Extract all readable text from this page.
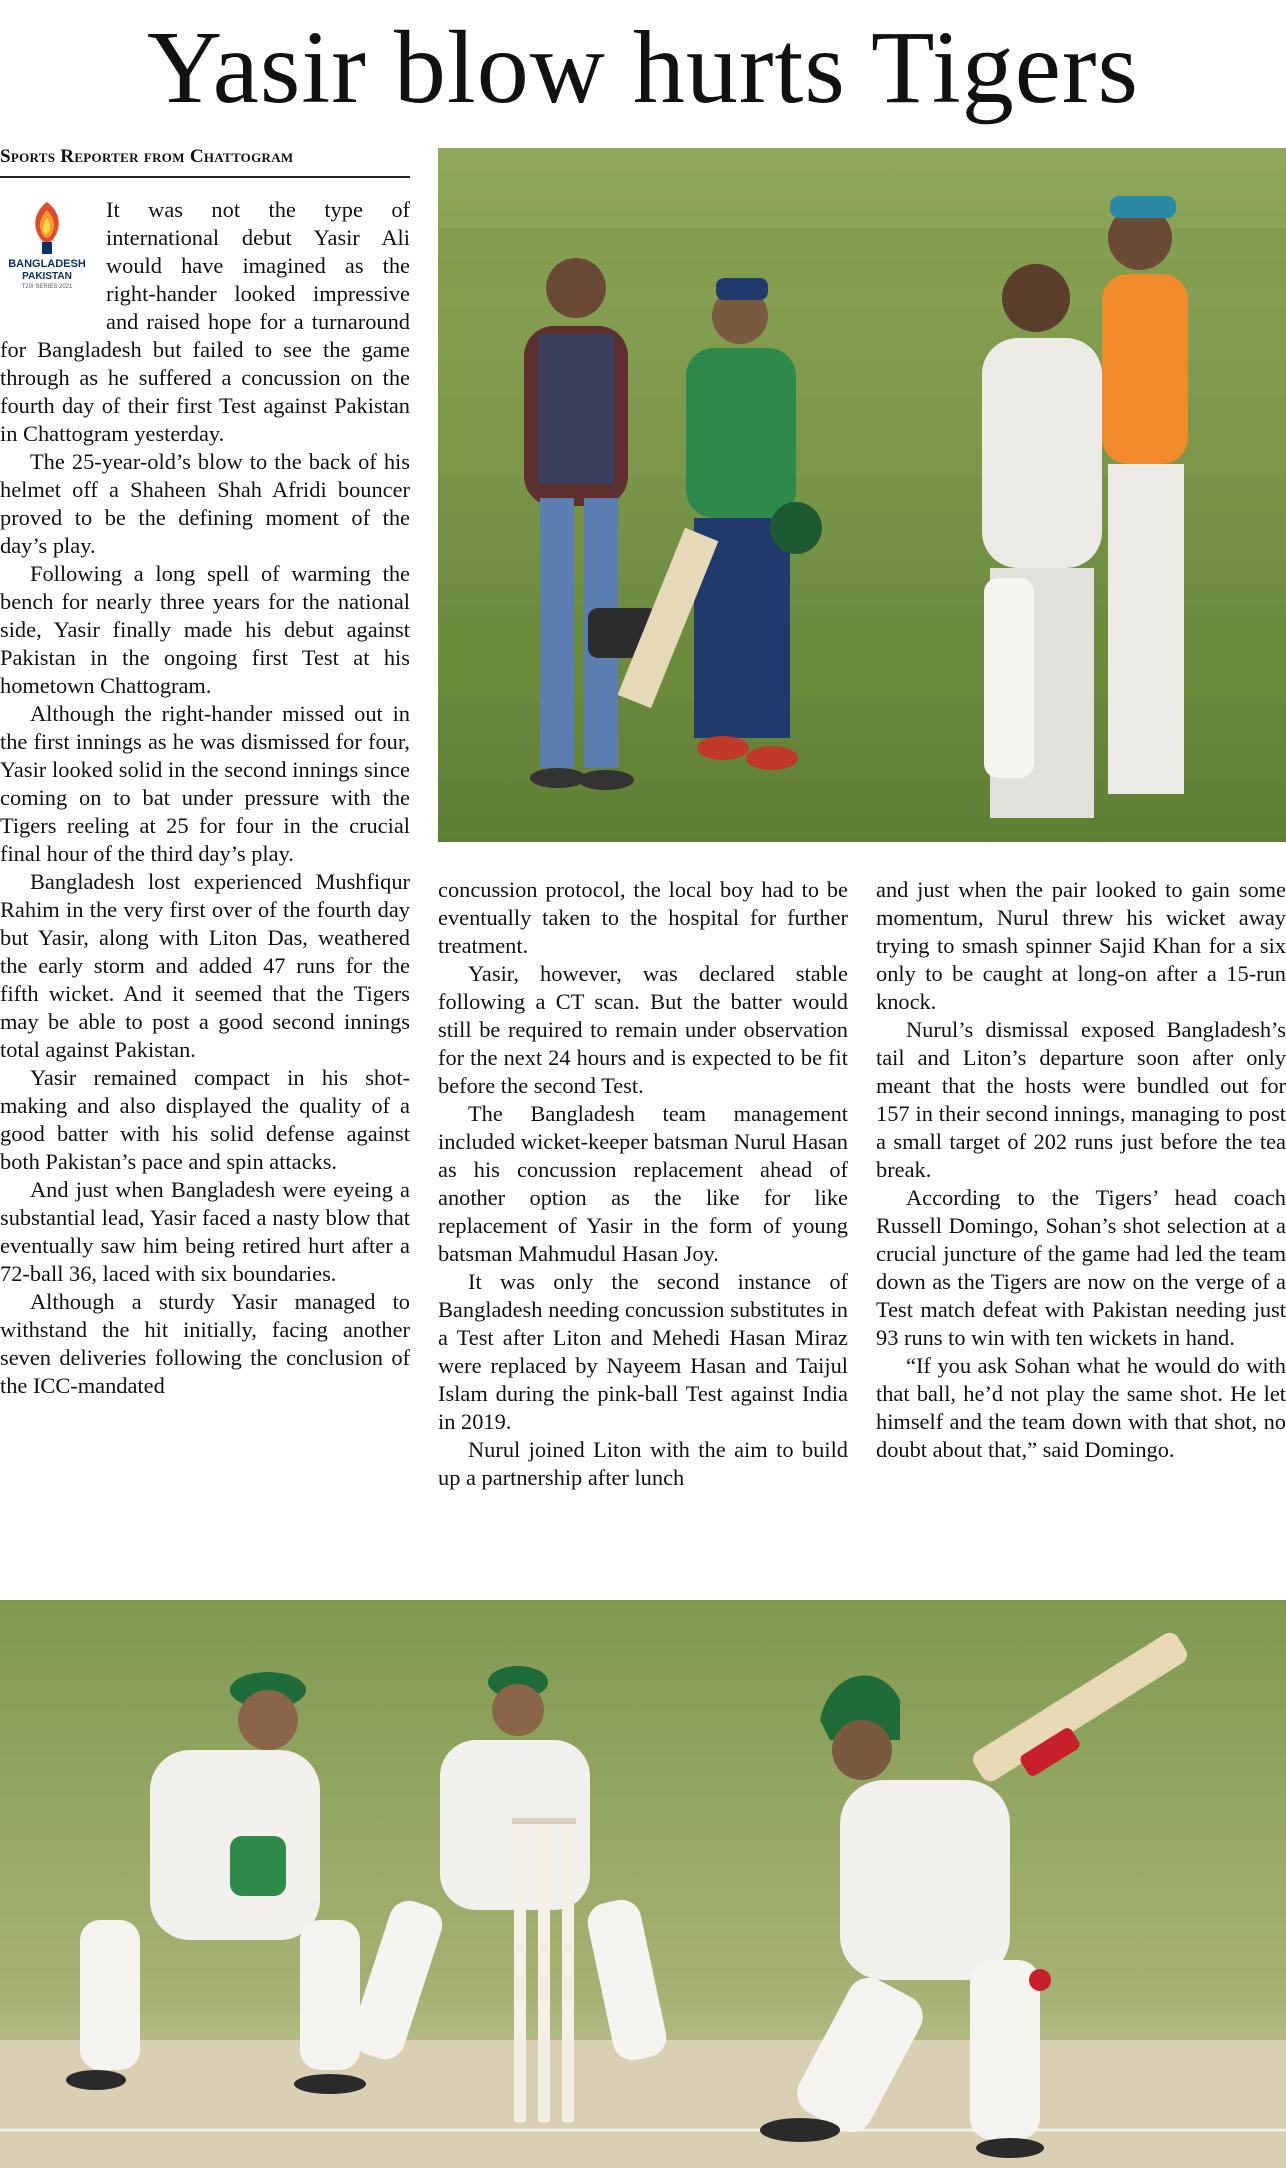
Yasir blow hurts Tigers
Sports Reporter from Chattogram
BANGLADESH
PAKISTAN
T20I SERIES 2021

It was not the type of international debut Yasir Ali would have imagined as the right-hander looked impressive and raised hope for a turnaround for Bangladesh but failed to see the game through as he suffered a concussion on the fourth day of their first Test against Pakistan in Chattogram yesterday.

The 25-year-old’s blow to the back of his helmet off a Shaheen Shah Afridi bouncer proved to be the defining moment of the day’s play.

Following a long spell of warming the bench for nearly three years for the national side, Yasir finally made his debut against Pakistan in the ongoing first Test at his hometown Chattogram.

Although the right-hander missed out in the first innings as he was dismissed for four, Yasir looked solid in the second innings since coming on to bat under pressure with the Tigers reeling at 25 for four in the crucial final hour of the third day’s play.

Bangladesh lost experienced Mushfiqur Rahim in the very first over of the fourth day but Yasir, along with Liton Das, weathered the early storm and added 47 runs for the fifth wicket. And it seemed that the Tigers may be able to post a good second innings total against Pakistan.

Yasir remained compact in his shot-making and also displayed the quality of a good batter with his solid defense against both Pakistan’s pace and spin attacks.

And just when Bangladesh were eyeing a substantial lead, Yasir faced a nasty blow that eventually saw him being retired hurt after a 72-ball 36, laced with six boundaries.

Although a sturdy Yasir managed to withstand the hit initially, facing another seven deliveries following the conclusion of the ICC-mandated

concussion protocol, the local boy had to be eventually taken to the hospital for further treatment.

Yasir, however, was declared stable following a CT scan. But the batter would still be required to remain under observation for the next 24 hours and is expected to be fit before the second Test.

The Bangladesh team management included wicket-keeper batsman Nurul Hasan as his concussion replacement ahead of another option as the like for like replacement of Yasir in the form of young batsman Mahmudul Hasan Joy.

It was only the second instance of Bangladesh needing concussion substitutes in a Test after Liton and Mehedi Hasan Miraz were replaced by Nayeem Hasan and Taijul Islam during the pink-ball Test against India in 2019.

Nurul joined Liton with the aim to build up a partnership after lunch

and just when the pair looked to gain some momentum, Nurul threw his wicket away trying to smash spinner Sajid Khan for a six only to be caught at long-on after a 15-run knock.

Nurul’s dismissal exposed Bangladesh’s tail and Liton’s departure soon after only meant that the hosts were bundled out for 157 in their second innings, managing to post a small target of 202 runs just before the tea break.

According to the Tigers’ head coach Russell Domingo, Sohan’s shot selection at a crucial juncture of the game had led the team down as the Tigers are now on the verge of a Test match defeat with Pakistan needing just 93 runs to win with ten wickets in hand.

“If you ask Sohan what he would do with that ball, he’d not play the same shot. He let himself and the team down with that shot, no doubt about that,” said Domingo.
